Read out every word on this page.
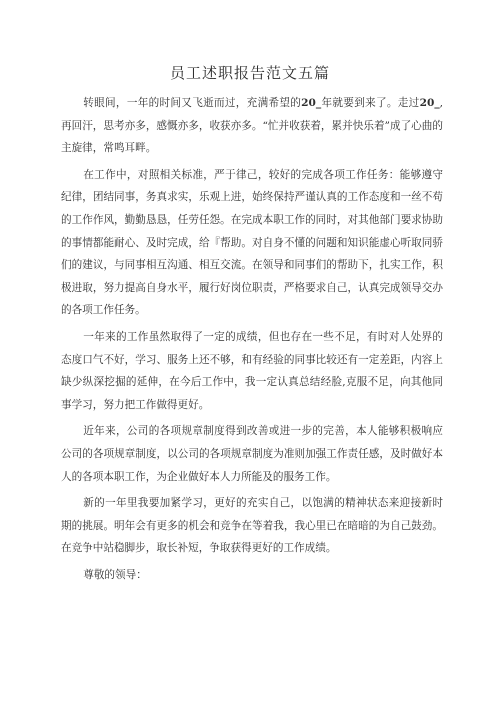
员工述职报告范文五篇

转眼间，一年的时间又飞逝而过，充满希望的20_年就要到来了。走过20_,再回汗，思考亦多，感慨亦多，收获亦多。“忙并收获着，累并快乐着”成了心曲的主旋律，常鸣耳畔。

在工作中，对照相关标准，严于律己，较好的完成各项工作任务：能够遵守纪律，团结同事，务真求实，乐观上进，始终保持严谨认真的工作态度和一丝不苟的工作作风，勤勤恳恳，任劳任怨。在完成本职工作的同时，对其他部门要求协助的事情都能耐心、及时完成，给『帮助。对自身不懂的问题和知识能虚心听取同骄们的建议，与同事相互沟通、相互交流。在领导和同事们的帮助下，扎实工作，积极进取，努力提高自身水平，履行好岗位职责，严格要求自己，认真完成领导交办的各项工作任务。

一年来的工作虽然取得了一定的成绩，但也存在一些不足，有时对人处界的态度口气不好，学习、服务上还不够，和有经验的同事比较还有一定差距，内容上缺少纵深挖掘的延伸，在今后工作中，我一定认真总结经脸,克服不足，向其他同事学习，努力把工作做得更好。

近年来，公司的各项规章制度得到改善或进一步的完善，本人能够积极响应公司的各项规章制度，以公司的各项规章制度为准则加强工作责任感，及时做好本人的各项本职工作，为企业做好本人力所能及的服务工作。

新的一年里我要加紧学习，更好的充实自己，以饱满的精神状态来迎接新时期的挑展。明年会有更多的机会和竞争在等着我，我心里已在暗暗的为自己鼓劲。在竞争中站稳脚步，取长补短，争取获得更好的工作成绩。

尊敬的领导：
